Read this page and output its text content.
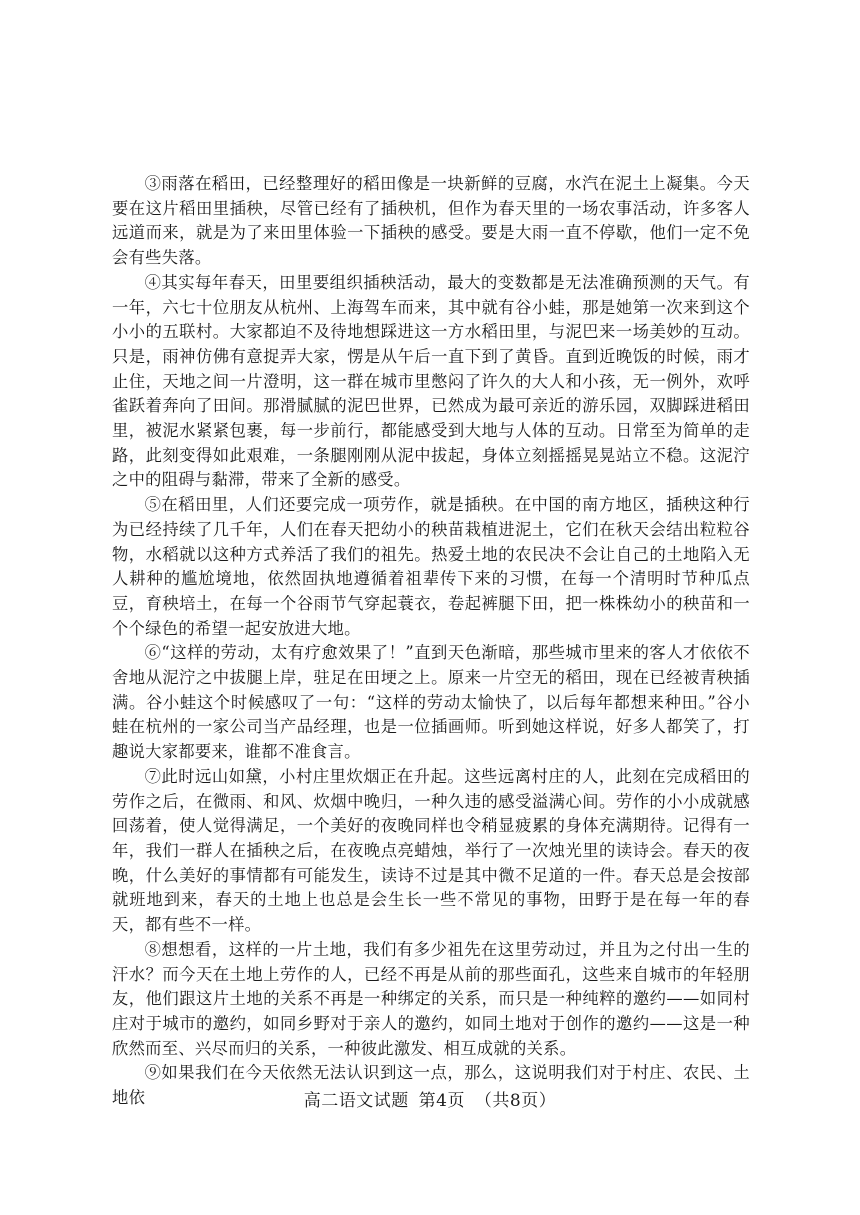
③雨落在稻田，已经整理好的稻田像是一块新鲜的豆腐，水汽在泥土上凝集。今天要在这片稻田里插秧，尽管已经有了插秧机，但作为春天里的一场农事活动，许多客人远道而来，就是为了来田里体验一下插秧的感受。要是大雨一直不停歇，他们一定不免会有些失落。

④其实每年春天，田里要组织插秧活动，最大的变数都是无法准确预测的天气。有一年，六七十位朋友从杭州、上海驾车而来，其中就有谷小蛙，那是她第一次来到这个小小的五联村。大家都迫不及待地想踩进这一方水稻田里，与泥巴来一场美妙的互动。只是，雨神仿佛有意捉弄大家，愣是从午后一直下到了黄昏。直到近晚饭的时候，雨才止住，天地之间一片澄明，这一群在城市里憋闷了许久的大人和小孩，无一例外，欢呼雀跃着奔向了田间。那滑腻腻的泥巴世界，已然成为最可亲近的游乐园，双脚踩进稻田里，被泥水紧紧包裹，每一步前行，都能感受到大地与人体的互动。日常至为简单的走路，此刻变得如此艰难，一条腿刚刚从泥中拔起，身体立刻摇摇晃晃站立不稳。这泥泞之中的阻碍与黏滞，带来了全新的感受。

⑤在稻田里，人们还要完成一项劳作，就是插秧。在中国的南方地区，插秧这种行为已经持续了几千年，人们在春天把幼小的秧苗栽植进泥土，它们在秋天会结出粒粒谷物，水稻就以这种方式养活了我们的祖先。热爱土地的农民决不会让自己的土地陷入无人耕种的尴尬境地，依然固执地遵循着祖辈传下来的习惯，在每一个清明时节种瓜点豆，育秧培土，在每一个谷雨节气穿起蓑衣，卷起裤腿下田，把一株株幼小的秧苗和一个个绿色的希望一起安放进大地。

⑥“这样的劳动，太有疗愈效果了！”直到天色渐暗，那些城市里来的客人才依依不舍地从泥泞之中拔腿上岸，驻足在田埂之上。原来一片空无的稻田，现在已经被青秧插满。谷小蛙这个时候感叹了一句：“这样的劳动太愉快了，以后每年都想来种田。”谷小蛙在杭州的一家公司当产品经理，也是一位插画师。听到她这样说，好多人都笑了，打趣说大家都要来，谁都不准食言。

⑦此时远山如黛，小村庄里炊烟正在升起。这些远离村庄的人，此刻在完成稻田的劳作之后，在微雨、和风、炊烟中晚归，一种久违的感受溢满心间。劳作的小小成就感回荡着，使人觉得满足，一个美好的夜晚同样也令稍显疲累的身体充满期待。记得有一年，我们一群人在插秧之后，在夜晚点亮蜡烛，举行了一次烛光里的读诗会。春天的夜晚，什么美好的事情都有可能发生，读诗不过是其中微不足道的一件。春天总是会按部就班地到来，春天的土地上也总是会生长一些不常见的事物，田野于是在每一年的春天，都有些不一样。

⑧想想看，这样的一片土地，我们有多少祖先在这里劳动过，并且为之付出一生的汗水？而今天在土地上劳作的人，已经不再是从前的那些面孔，这些来自城市的年轻朋友，他们跟这片土地的关系不再是一种绑定的关系，而只是一种纯粹的邀约——如同村庄对于城市的邀约，如同乡野对于亲人的邀约，如同土地对于创作的邀约——这是一种欣然而至、兴尽而归的关系，一种彼此激发、相互成就的关系。

⑨如果我们在今天依然无法认识到这一点，那么，这说明我们对于村庄、农民、土地依	高二语文试题 第4页 （共8页）
